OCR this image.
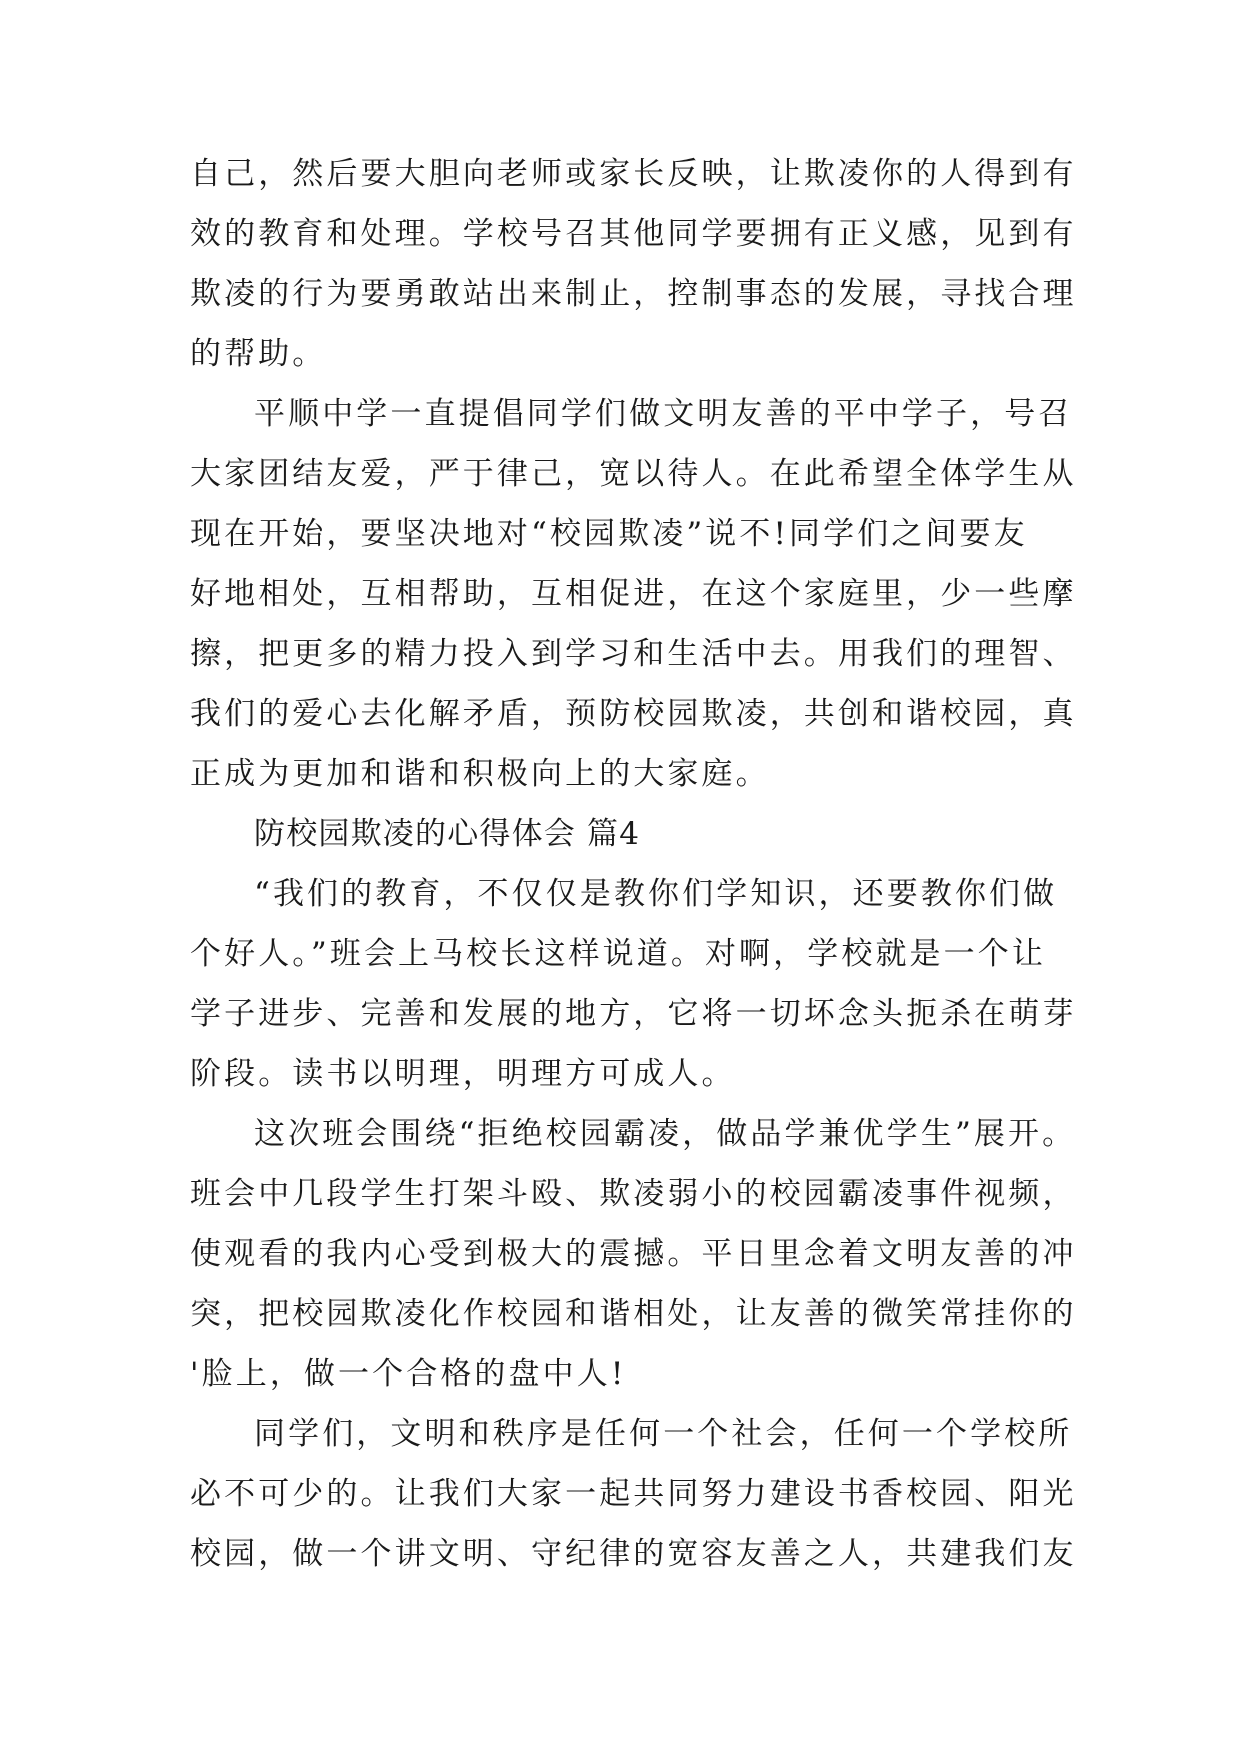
自己，然后要大胆向老师或家长反映，让欺凌你的人得到有
效的教育和处理。学校号召其他同学要拥有正义感，见到有
欺凌的行为要勇敢站出来制止，控制事态的发展，寻找合理
的帮助。
平顺中学一直提倡同学们做文明友善的平中学子，号召
大家团结友爱，严于律己，宽以待人。在此希望全体学生从
现在开始，要坚决地对“校园欺凌”说不!同学们之间要友
好地相处，互相帮助，互相促进，在这个家庭里，少一些摩
擦，把更多的精力投入到学习和生活中去。用我们的理智、
我们的爱心去化解矛盾，预防校园欺凌，共创和谐校园，真
正成为更加和谐和积极向上的大家庭。
防校园欺凌的心得体会 篇4
“我们的教育，不仅仅是教你们学知识，还要教你们做
个好人。”班会上马校长这样说道。对啊，学校就是一个让
学子进步、完善和发展的地方，它将一切坏念头扼杀在萌芽
阶段。读书以明理，明理方可成人。
这次班会围绕“拒绝校园霸凌，做品学兼优学生”展开。
班会中几段学生打架斗殴、欺凌弱小的校园霸凌事件视频，
使观看的我内心受到极大的震撼。平日里念着文明友善的冲
突，把校园欺凌化作校园和谐相处，让友善的微笑常挂你的
'脸上，做一个合格的盘中人!
同学们，文明和秩序是任何一个社会，任何一个学校所
必不可少的。让我们大家一起共同努力建设书香校园、阳光
校园，做一个讲文明、守纪律的宽容友善之人，共建我们友
